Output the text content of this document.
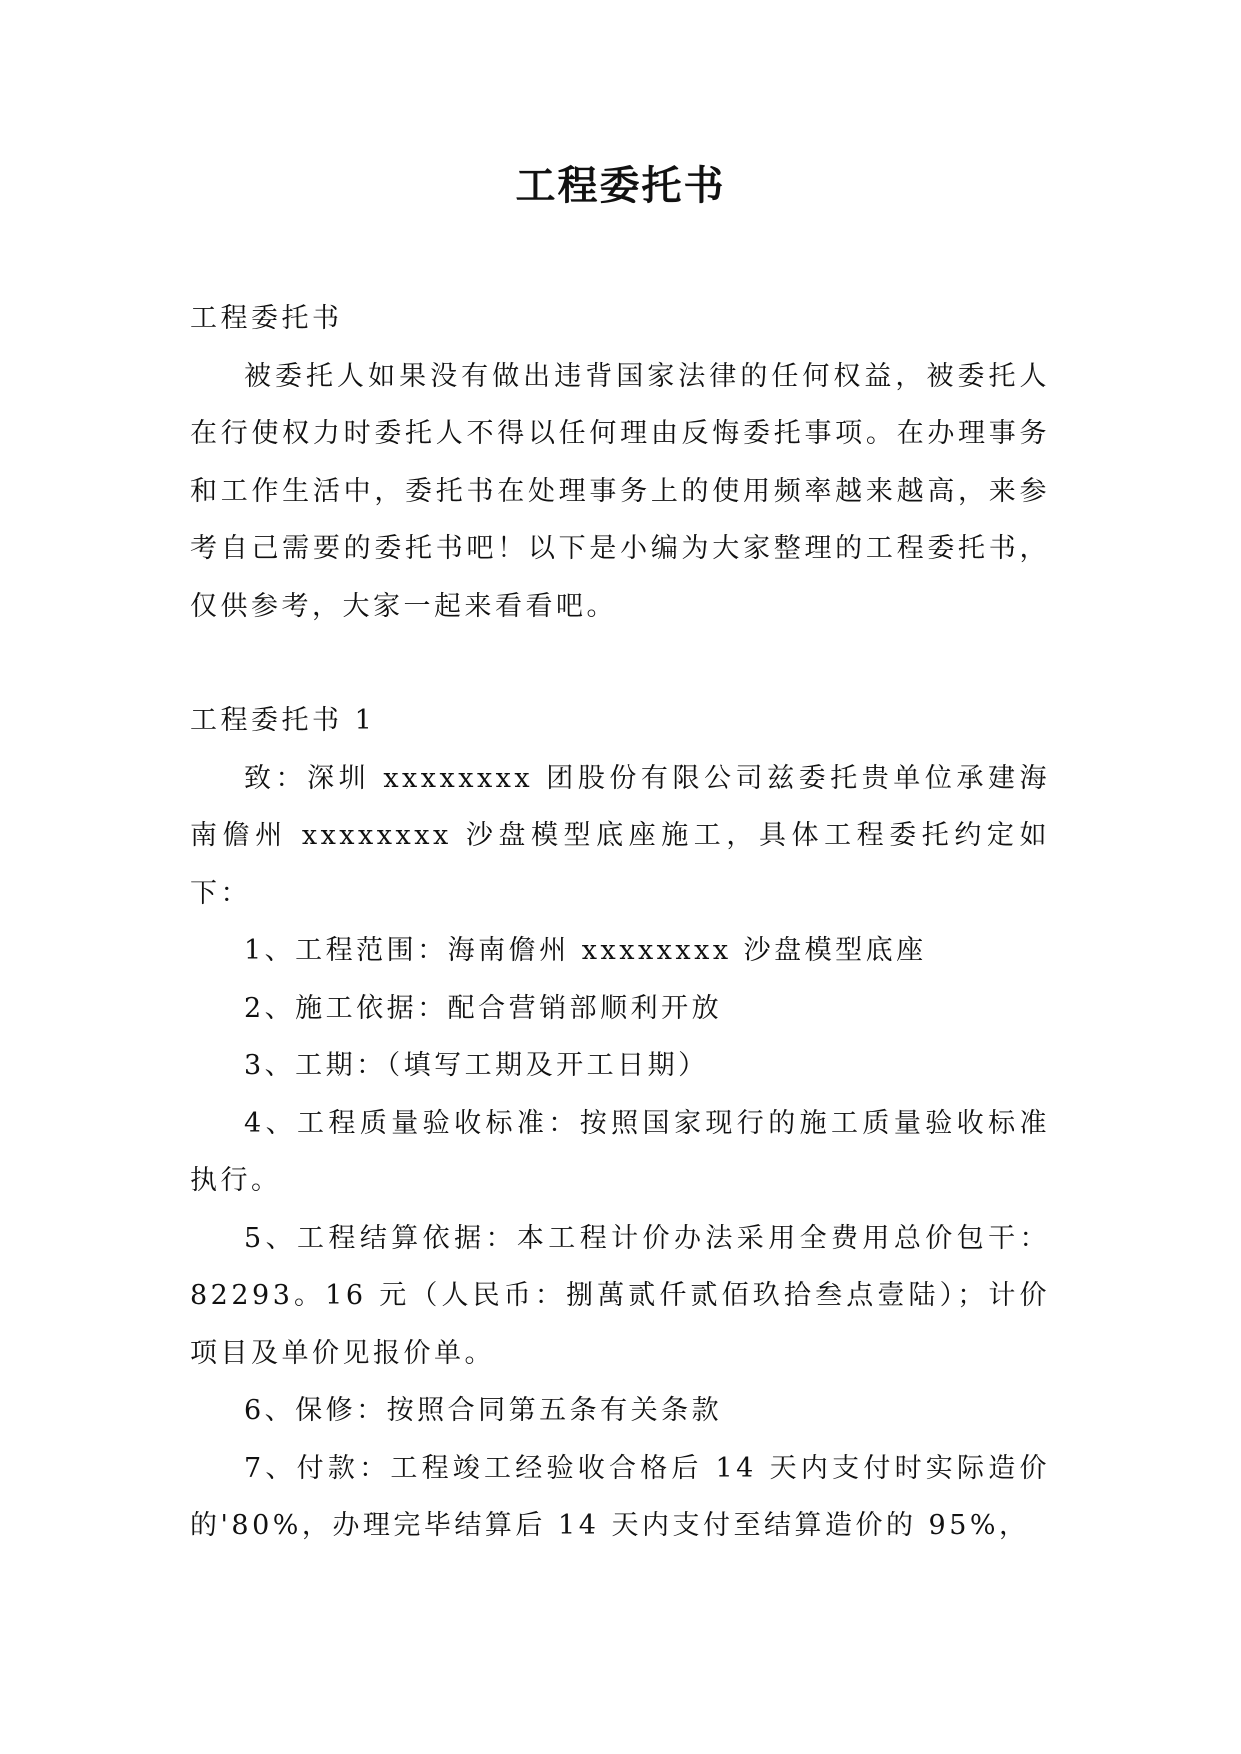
工程委托书

工程委托书

被委托人如果没有做出违背国家法律的任何权益，被委托人在行使权力时委托人不得以任何理由反悔委托事项。在办理事务和工作生活中，委托书在处理事务上的使用频率越来越高，来参考自己需要的委托书吧！以下是小编为大家整理的工程委托书，仅供参考，大家一起来看看吧。

工程委托书 1

致：深圳 xxxxxxxx 团股份有限公司兹委托贵单位承建海南儋州 xxxxxxxx 沙盘模型底座施工，具体工程委托约定如下：

1、工程范围：海南儋州 xxxxxxxx 沙盘模型底座

2、施工依据：配合营销部顺利开放

3、工期：（填写工期及开工日期）

4、工程质量验收标准：按照国家现行的施工质量验收标准执行。

5、工程结算依据：本工程计价办法采用全费用总价包干：82293。16 元（人民币：捌萬贰仟贰佰玖拾叁点壹陆）；计价项目及单价见报价单。

6、保修：按照合同第五条有关条款

7、付款：工程竣工经验收合格后 14 天内支付时实际造价的'80%，办理完毕结算后 14 天内支付至结算造价的 95%，
